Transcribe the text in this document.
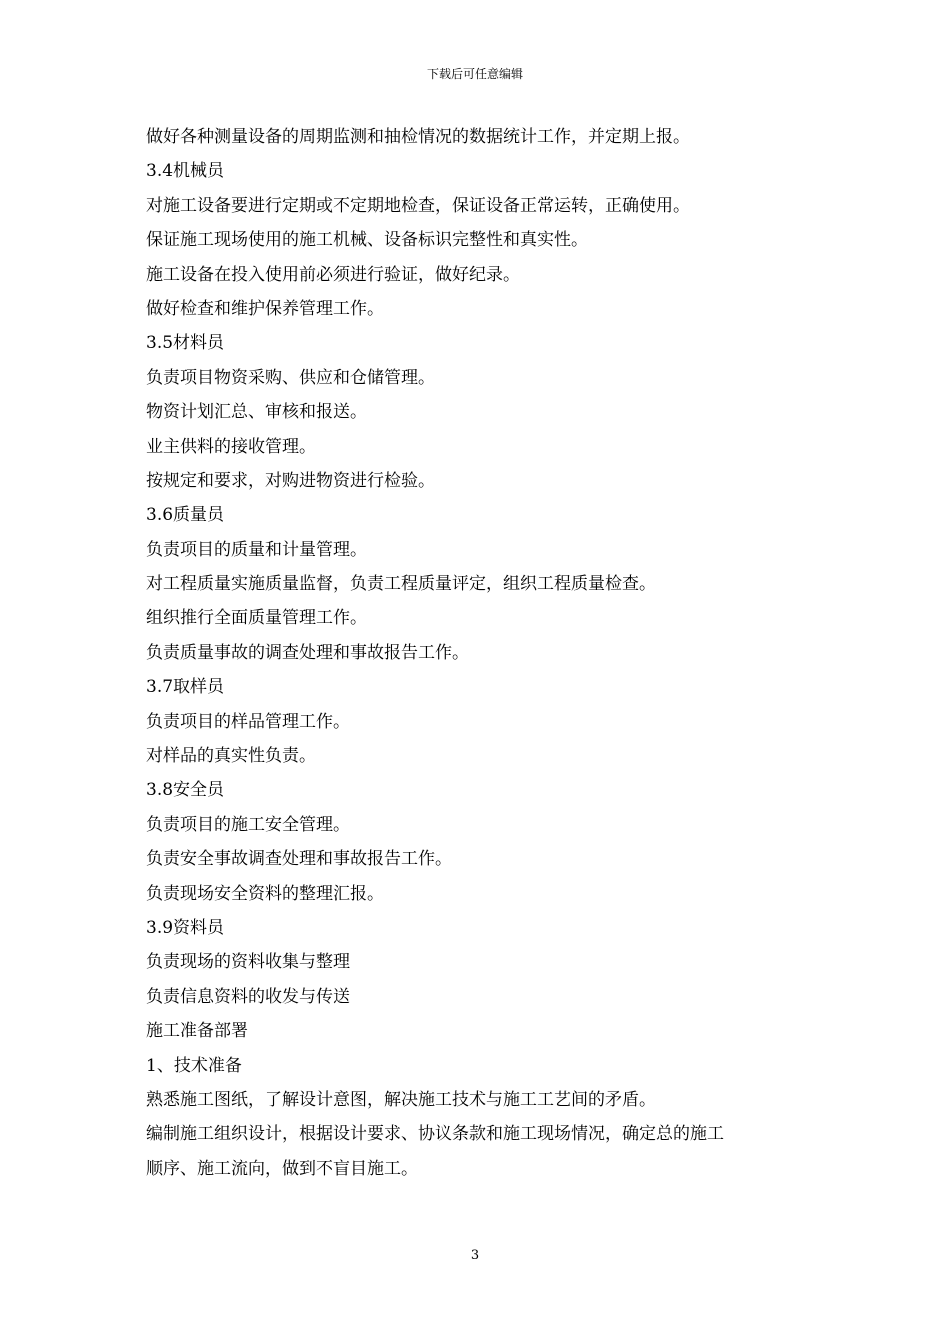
下载后可任意编辑
做好各种测量设备的周期监测和抽检情况的数据统计工作，并定期上报。
3.4机械员
对施工设备要进行定期或不定期地检查，保证设备正常运转，正确使用。
保证施工现场使用的施工机械、设备标识完整性和真实性。
施工设备在投入使用前必须进行验证，做好纪录。
做好检查和维护保养管理工作。
3.5材料员
负责项目物资采购、供应和仓储管理。
物资计划汇总、审核和报送。
业主供料的接收管理。
按规定和要求，对购进物资进行检验。
3.6质量员
负责项目的质量和计量管理。
对工程质量实施质量监督，负责工程质量评定，组织工程质量检查。
组织推行全面质量管理工作。
负责质量事故的调查处理和事故报告工作。
3.7取样员
负责项目的样品管理工作。
对样品的真实性负责。
3.8安全员
负责项目的施工安全管理。
负责安全事故调查处理和事故报告工作。
负责现场安全资料的整理汇报。
3.9资料员
负责现场的资料收集与整理
负责信息资料的收发与传送
施工准备部署
1、技术准备
熟悉施工图纸，了解设计意图，解决施工技术与施工工艺间的矛盾。
编制施工组织设计，根据设计要求、协议条款和施工现场情况，确定总的施工
顺序、施工流向，做到不盲目施工。
3
